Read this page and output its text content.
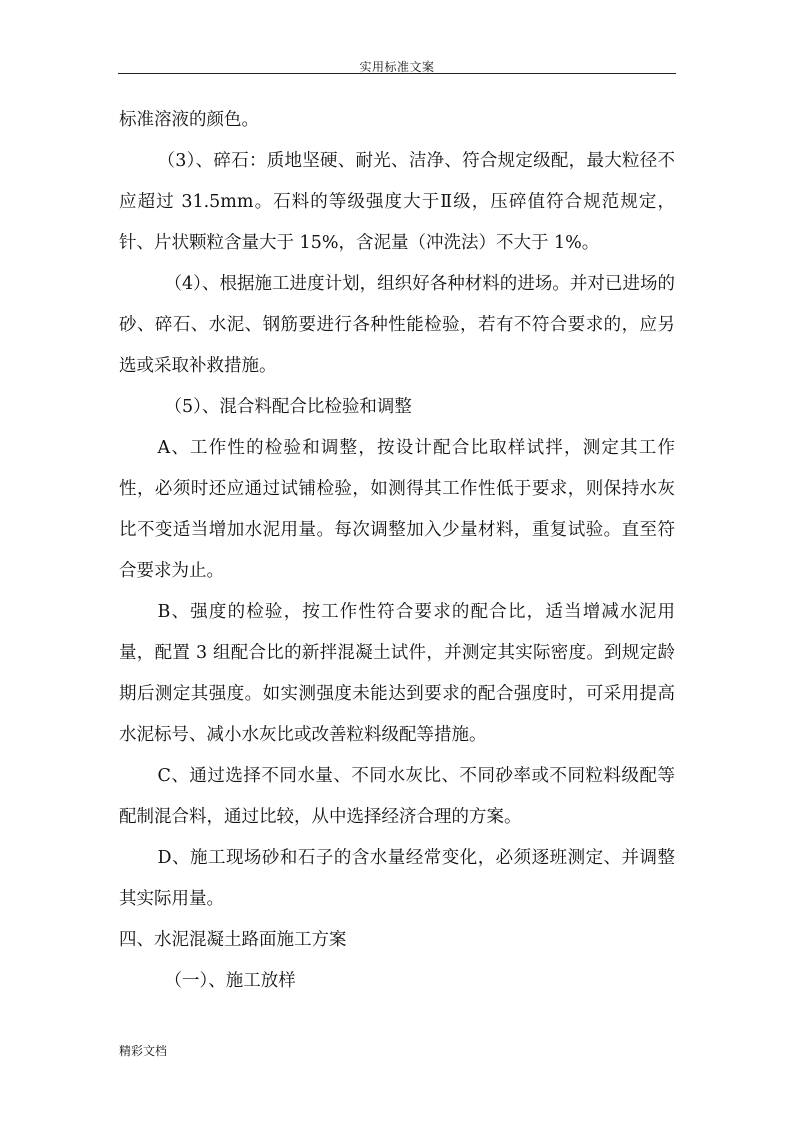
实用标准文案

标准溶液的颜色。

（3）、碎石：质地坚硬、耐光、洁净、符合规定级配，最大粒径不应超过 31.5mm。石料的等级强度大于Ⅱ级，压碎值符合规范规定，针、片状颗粒含量大于 15%，含泥量（冲洗法）不大于 1%。

（4）、根据施工进度计划，组织好各种材料的进场。并对已进场的砂、碎石、水泥、钢筋要进行各种性能检验，若有不符合要求的，应另选或采取补救措施。

（5）、混合料配合比检验和调整

A、工作性的检验和调整，按设计配合比取样试拌，测定其工作性，必须时还应通过试铺检验，如测得其工作性低于要求，则保持水灰比不变适当增加水泥用量。每次调整加入少量材料，重复试验。直至符合要求为止。

B、强度的检验，按工作性符合要求的配合比，适当增减水泥用量，配置 3 组配合比的新拌混凝土试件，并测定其实际密度。到规定龄期后测定其强度。如实测强度未能达到要求的配合强度时，可采用提高水泥标号、减小水灰比或改善粒料级配等措施。

C、通过选择不同水量、不同水灰比、不同砂率或不同粒料级配等配制混合料，通过比较，从中选择经济合理的方案。

D、施工现场砂和石子的含水量经常变化，必须逐班测定、并调整其实际用量。

四、水泥混凝土路面施工方案

（一）、施工放样

精彩文档
